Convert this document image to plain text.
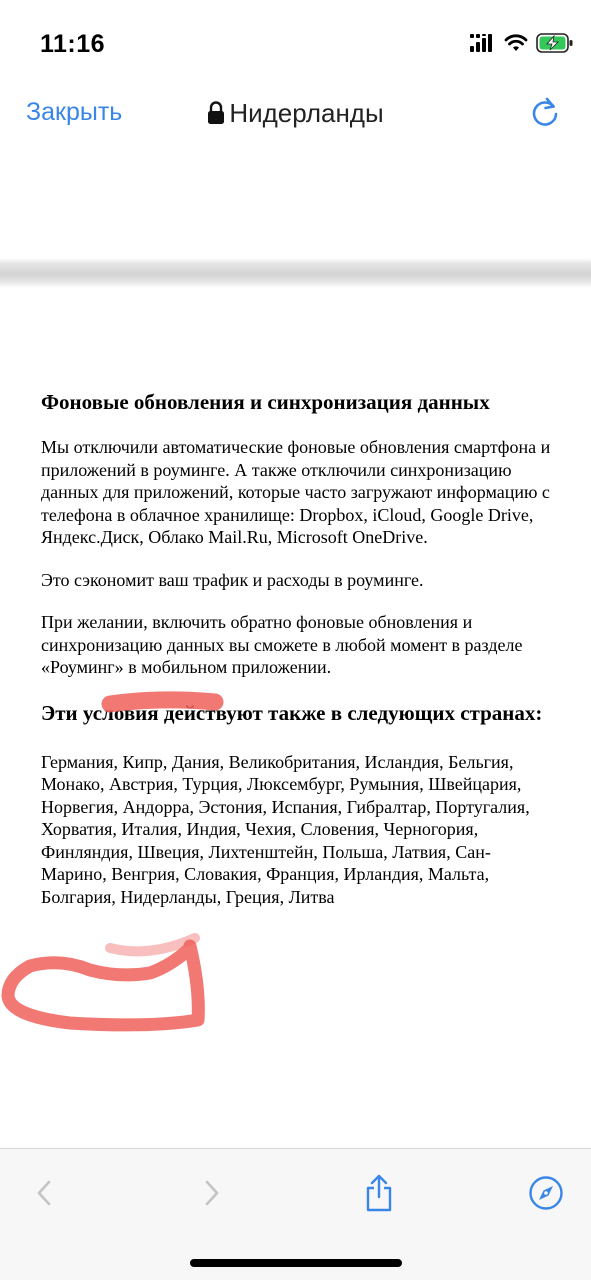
11:16
Закрыть	Нидерланды
Фоновые обновления и синхронизация данных
Мы отключили автоматические фоновые обновления смартфона и приложений в роуминге. А также отключили синхронизацию данных для приложений, которые часто загружают информацию с телефона в облачное хранилище: Dropbox, iCloud, Google Drive, Яндекс.Диск, Облако Mail.Ru, Microsoft OneDrive.
Это сэкономит ваш трафик и расходы в роуминге.
При желании, включить обратно фоновые обновления и синхронизацию данных вы сможете в любой момент в разделе «Роуминг» в мобильном приложении.
Эти условия действуют также в следующих странах:
Германия, Кипр, Дания, Великобритания, Исландия, Бельгия, Монако, Австрия, Турция, Люксембург, Румыния, Швейцария, Норвегия, Андорра, Эстония, Испания, Гибралтар, Португалия, Хорватия, Италия, Индия, Чехия, Словения, Черногория, Финляндия, Швеция, Лихтенштейн, Польша, Латвия, Сан-Марино, Венгрия, Словакия, Франция, Ирландия, Мальта, Болгария, Нидерланды, Греция, Литва
